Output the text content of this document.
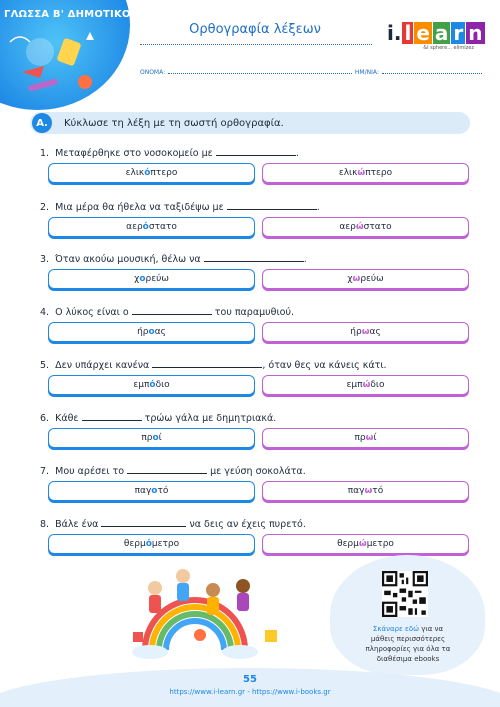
ΓΛΩΣΣΑ Β' ΔΗΜΟΤΙΚΟΥ
Ορθογραφία λέξεων	i. l e a r n
&I sphere... elimizez
ΟΝΟΜΑ:	ΗΜ/ΝΙΑ:
Α.	Κύκλωσε τη λέξη με τη σωστή ορθογραφία.
1. Μεταφέρθηκε στο νοσοκομείο με	.
ελικ ό πτερο	ελικ ώ πτερο
2. Μια μέρα θα ήθελα να ταξιδέψω με	.
αερ ό στατο	αερ ώ στατο
3. Όταν ακούω μουσική, θέλω να	.
χ ο ρεύω	χ ω ρεύω
4. Ο λύκος είναι ο	του παραμυθιού.
ήρ ο ας	ήρ ω ας
5. Δεν υπάρχει κανένα	, όταν θες να κάνεις κάτι.
εμπ ό διο	εμπ ώ διο
6. Κάθε	τρώω γάλα με δημητριακά.
πρ ο ί	πρ ω ί
7. Μου αρέσει το	με γεύση σοκολάτα.
παγ ο τό	παγ ω τό
8. Βάλε ένα	να δεις αν έχεις πυρετό.
θερμ ό μετρο	θερμ ώ μετρο
Σκάναρε εδώ για να
μάθεις περισσότερες
πληροφορίες για όλα τα
διαθέσιμα ebooks
55
https://www.i-learn.gr - https://www.i-books.gr
